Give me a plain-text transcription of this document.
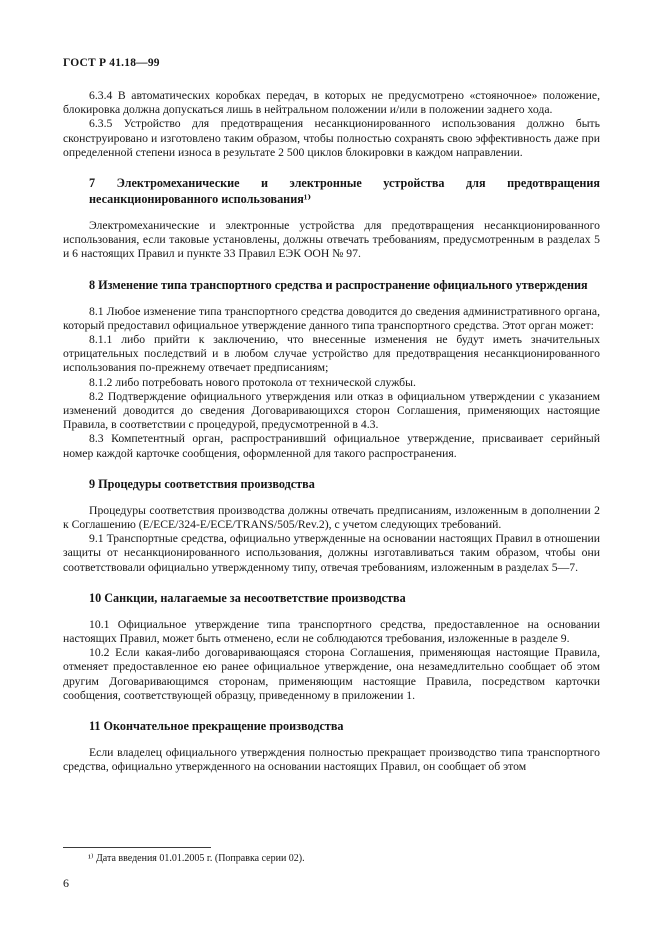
ГОСТ Р 41.18—99

6.3.4 В автоматических коробках передач, в которых не предусмотрено «стояночное» положение, блокировка должна допускаться лишь в нейтральном положении и/или в положении заднего хода.

6.3.5 Устройство для предотвращения несанкционированного использования должно быть сконструировано и изготовлено таким образом, чтобы полностью сохранять свою эффективность даже при определенной степени износа в результате 2 500 циклов блокировки в каждом направлении.

7 Электромеханические и электронные устройства для предотвращения несанкционированного использования¹⁾

Электромеханические и электронные устройства для предотвращения несанкционированного использования, если таковые установлены, должны отвечать требованиям, предусмотренным в разделах 5 и 6 настоящих Правил и пункте 33 Правил ЕЭК ООН № 97.

8 Изменение типа транспортного средства и распространение официального утверждения

8.1 Любое изменение типа транспортного средства доводится до сведения административного органа, который предоставил официальное утверждение данного типа транспортного средства. Этот орган может:

8.1.1 либо прийти к заключению, что внесенные изменения не будут иметь значительных отрицательных последствий и в любом случае устройство для предотвращения несанкционированного использования по-прежнему отвечает предписаниям;

8.1.2 либо потребовать нового протокола от технической службы.

8.2 Подтверждение официального утверждения или отказ в официальном утверждении с указанием изменений доводится до сведения Договаривающихся сторон Соглашения, применяющих настоящие Правила, в соответствии с процедурой, предусмотренной в 4.3.

8.3 Компетентный орган, распространивший официальное утверждение, присваивает серийный номер каждой карточке сообщения, оформленной для такого распространения.

9 Процедуры соответствия производства

Процедуры соответствия производства должны отвечать предписаниям, изложенным в дополнении 2 к Соглашению (E/ECE/324-E/ECE/TRANS/505/Rev.2), с учетом следующих требований.

9.1 Транспортные средства, официально утвержденные на основании настоящих Правил в отношении защиты от несанкционированного использования, должны изготавливаться таким образом, чтобы они соответствовали официально утвержденному типу, отвечая требованиям, изложенным в разделах 5—7.

10 Санкции, налагаемые за несоответствие производства

10.1 Официальное утверждение типа транспортного средства, предоставленное на основании настоящих Правил, может быть отменено, если не соблюдаются требования, изложенные в разделе 9.

10.2 Если какая-либо договаривающаяся сторона Соглашения, применяющая настоящие Правила, отменяет предоставленное ею ранее официальное утверждение, она незамедлительно сообщает об этом другим Договаривающимся сторонам, применяющим настоящие Правила, посредством карточки сообщения, соответствующей образцу, приведенному в приложении 1.

11 Окончательное прекращение производства

Если владелец официального утверждения полностью прекращает производство типа транспортного средства, официально утвержденного на основании настоящих Правил, он сообщает об этом

¹⁾ Дата введения 01.01.2005 г. (Поправка серии 02).

6
